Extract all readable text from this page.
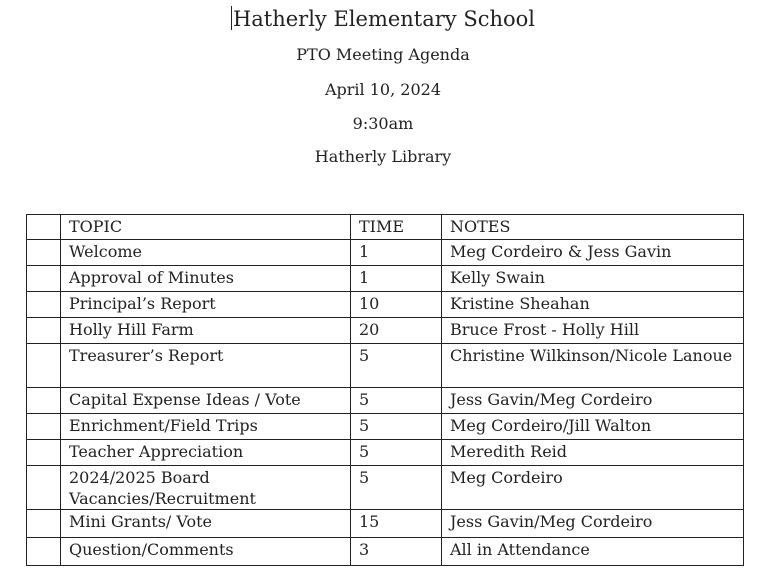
Hatherly Elementary School
PTO Meeting Agenda
April 10, 2024
9:30am
Hatherly Library
	TOPIC	TIME	NOTES
	Welcome	1	Meg Cordeiro & Jess Gavin
	Approval of Minutes	1	Kelly Swain
	Principal’s Report	10	Kristine Sheahan
	Holly Hill Farm	20	Bruce Frost - Holly Hill
	Treasurer’s Report	5	Christine Wilkinson/Nicole Lanoue
	Capital Expense Ideas / Vote	5	Jess Gavin/Meg Cordeiro
	Enrichment/Field Trips	5	Meg Cordeiro/Jill Walton
	Teacher Appreciation	5	Meredith Reid
	2024/2025 Board Vacancies/Recruitment	5	Meg Cordeiro
	Mini Grants/ Vote	15	Jess Gavin/Meg Cordeiro
	Question/Comments	3	All in Attendance
